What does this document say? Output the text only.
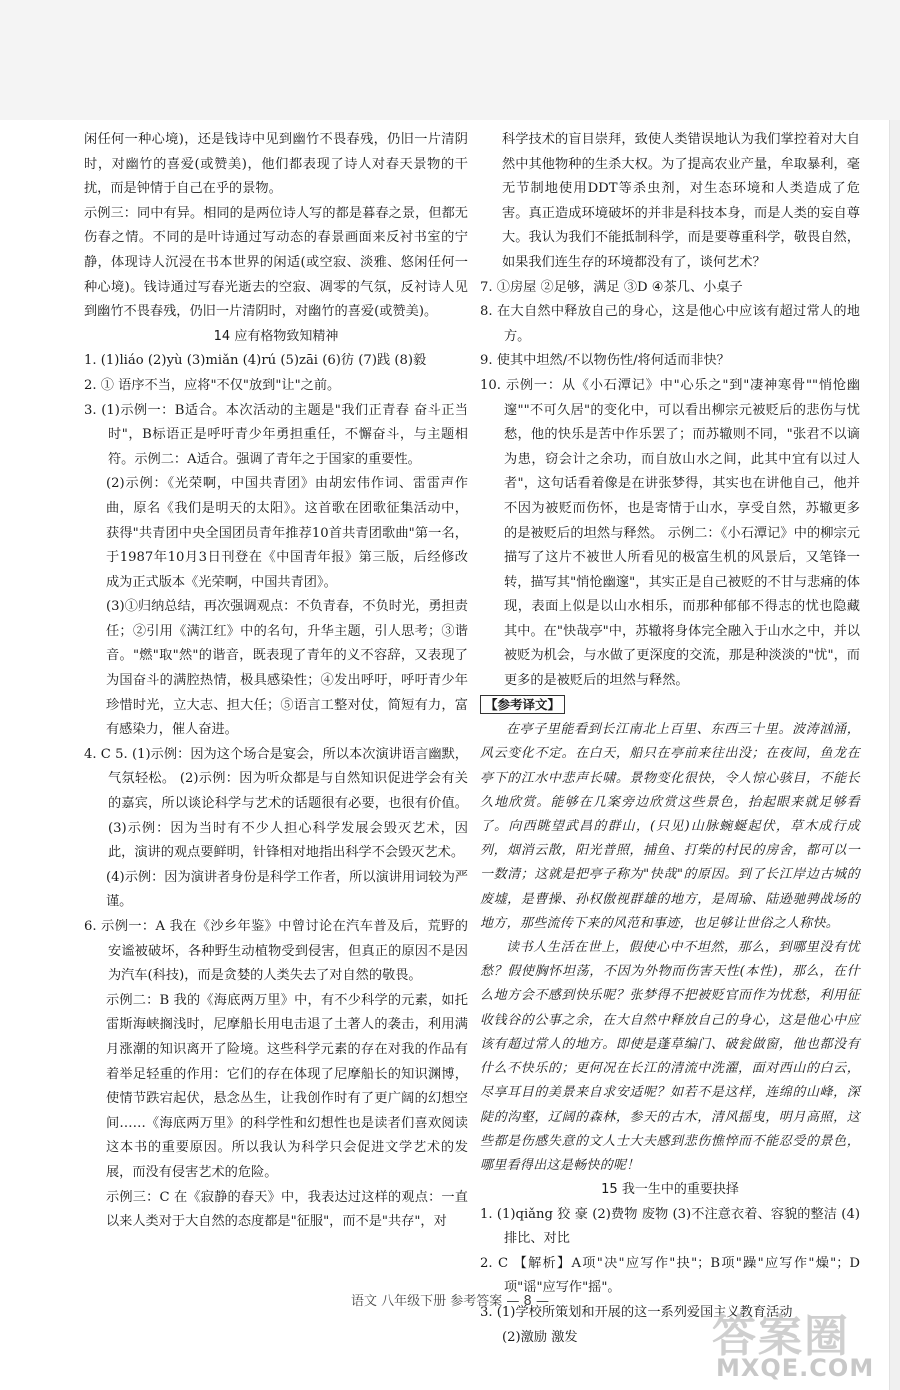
闲任何一种心境)，还是钱诗中见到幽竹不畏春残，仍旧一片清阴时，对幽竹的喜爱(或赞美)，他们都表现了诗人对春天景物的干扰，而是钟情于自己在乎的景物。

示例三：同中有异。相同的是两位诗人写的都是暮春之景，但都无伤春之情。不同的是叶诗通过写动态的春景画面来反衬书室的宁静，体现诗人沉浸在书本世界的闲适(或空寂、淡雅、悠闲任何一种心境)。钱诗通过写春光逝去的空寂、凋零的气氛，反衬诗人见到幽竹不畏春残，仍旧一片清阴时，对幽竹的喜爱(或赞美)。

14 应有格物致知精神

1. (1)liáo (2)yù (3)miǎn (4)rú (5)zāi (6)彷 (7)践 (8)毅

2. ① 语序不当，应将"不仅"放到"让"之前。

3. (1)示例一：B适合。本次活动的主题是"我们正青春 奋斗正当时"，B标语正是呼吁青少年勇担重任，不懈奋斗，与主题相符。示例二：A适合。强调了青年之于国家的重要性。

(2)示例：《光荣啊，中国共青团》由胡宏伟作词、雷雷声作曲，原名《我们是明天的太阳》。这首歌在团歌征集活动中，获得"共青团中央全国团员青年推荐10首共青团歌曲"第一名，于1987年10月3日刊登在《中国青年报》第三版，后经修改成为正式版本《光荣啊，中国共青团》。

(3)①归纳总结，再次强调观点：不负青春，不负时光，勇担责任；②引用《满江红》中的名句，升华主题，引人思考；③谐音。"燃"取"然"的谐音，既表现了青年的义不容辞，又表现了为国奋斗的满腔热情，极具感染性；④发出呼吁，呼吁青少年珍惜时光，立大志、担大任；⑤语言工整对仗，简短有力，富有感染力，催人奋进。

4. C 5. (1)示例：因为这个场合是宴会，所以本次演讲语言幽默，气氛轻松。 (2)示例：因为听众都是与自然知识促进学会有关的嘉宾，所以谈论科学与艺术的话题很有必要，也很有价值。 (3)示例：因为当时有不少人担心科学发展会毁灭艺术，因此，演讲的观点要鲜明，针锋相对地指出科学不会毁灭艺术。

(4)示例：因为演讲者身份是科学工作者，所以演讲用词较为严谨。

6. 示例一：A 我在《沙乡年鉴》中曾讨论在汽车普及后，荒野的安谧被破坏，各种野生动植物受到侵害，但真正的原因不是因为汽车(科技)，而是贪婪的人类失去了对自然的敬畏。

示例二：B 我的《海底两万里》中，有不少科学的元素，如托雷斯海峡搁浅时，尼摩船长用电击退了土著人的袭击，利用满月涨潮的知识离开了险境。这些科学元素的存在对我的作品有着举足轻重的作用：它们的存在体现了尼摩船长的知识渊博，使情节跌宕起伏，悬念丛生，让我创作时有了更广阔的幻想空间……《海底两万里》的科学性和幻想性也是读者们喜欢阅读这本书的重要原因。所以我认为科学只会促进文学艺术的发展，而没有侵害艺术的危险。

示例三：C 在《寂静的春天》中，我表达过这样的观点：一直以来人类对于大自然的态度都是"征服"，而不是"共存"，对

科学技术的盲目崇拜，致使人类错误地认为我们掌控着对大自然中其他物种的生杀大权。为了提高农业产量，牟取暴利，毫无节制地使用DDT等杀虫剂，对生态环境和人类造成了危害。真正造成环境破坏的并非是科技本身，而是人类的妄自尊大。我认为我们不能抵制科学，而是要尊重科学，敬畏自然，如果我们连生存的环境都没有了，谈何艺术？

7. ①房屋 ②足够，满足 ③D ④茶几、小桌子

8. 在大自然中释放自己的身心，这是他心中应该有超过常人的地方。

9. 使其中坦然/不以物伤性/将何适而非快？

10. 示例一：从《小石潭记》中"心乐之"到"凄神寒骨""悄怆幽邃""不可久居"的变化中，可以看出柳宗元被贬后的悲伤与忧愁，他的快乐是苦中作乐罢了；而苏辙则不同，"张君不以谪为患，窃会计之余功，而自放山水之间，此其中宜有以过人者"，这句话看着像是在讲张梦得，其实也在讲他自己，他并不因为被贬而伤怀，也是寄情于山水，享受自然，苏辙更多的是被贬后的坦然与释然。 示例二：《小石潭记》中的柳宗元描写了这片不被世人所看见的极富生机的风景后，又笔锋一转，描写其"悄怆幽邃"，其实正是自己被贬的不甘与悲痛的体现，表面上似是以山水相乐，而那种郁郁不得志的忧也隐藏其中。在"快哉亭"中，苏辙将身体完全融入于山水之中，并以被贬为机会，与水做了更深度的交流，那是种淡淡的"忧"，而更多的是被贬后的坦然与释然。

【参考译文】

在亭子里能看到长江南北上百里、东西三十里。波涛汹涌，风云变化不定。在白天，船只在亭前来往出没；在夜间，鱼龙在亭下的江水中悲声长啸。景物变化很快，令人惊心骇目，不能长久地欣赏。能够在几案旁边欣赏这些景色，抬起眼来就足够看了。向西眺望武昌的群山，(只见)山脉蜿蜒起伏，草木成行成列，烟消云散，阳光普照，捕鱼、打柴的村民的房舍，都可以一一数清；这就是把亭子称为"快哉"的原因。到了长江岸边古城的废墟，是曹操、孙权傲视群雄的地方，是周瑜、陆逊驰骋战场的地方，那些流传下来的风范和事迹，也足够让世俗之人称快。

读书人生活在世上，假使心中不坦然，那么，到哪里没有忧愁？假使胸怀坦荡，不因为外物而伤害天性(本性)，那么，在什么地方会不感到快乐呢？张梦得不把被贬官而作为忧愁，利用征收钱谷的公事之余，在大自然中释放自己的身心，这是他心中应该有超过常人的地方。即使是蓬草编门、破瓮做窗，他也都没有什么不快乐的；更何况在长江的清流中洗濯，面对西山的白云，尽享耳目的美景来自求安适呢？如若不是这样，连绵的山峰，深陡的沟壑，辽阔的森林，参天的古木，清风摇曳，明月高照，这些都是伤感失意的文人士大夫感到悲伤憔悴而不能忍受的景色，哪里看得出这是畅快的呢！

15 我一生中的重要抉择

1. (1)qiǎng 狡 豪 (2)费物 废物 (3)不注意衣着、容貌的整洁 (4)排比、对比

2. C 【解析】A项"决"应写作"抉"；B项"躁"应写作"燥"；D项"谣"应写作"摇"。

3. (1)学校所策划和开展的这一系列爱国主义教育活动

(2)激励 激发

语文 八年级下册 参考答案 — 8 —
答案圈
MXQE.COM
